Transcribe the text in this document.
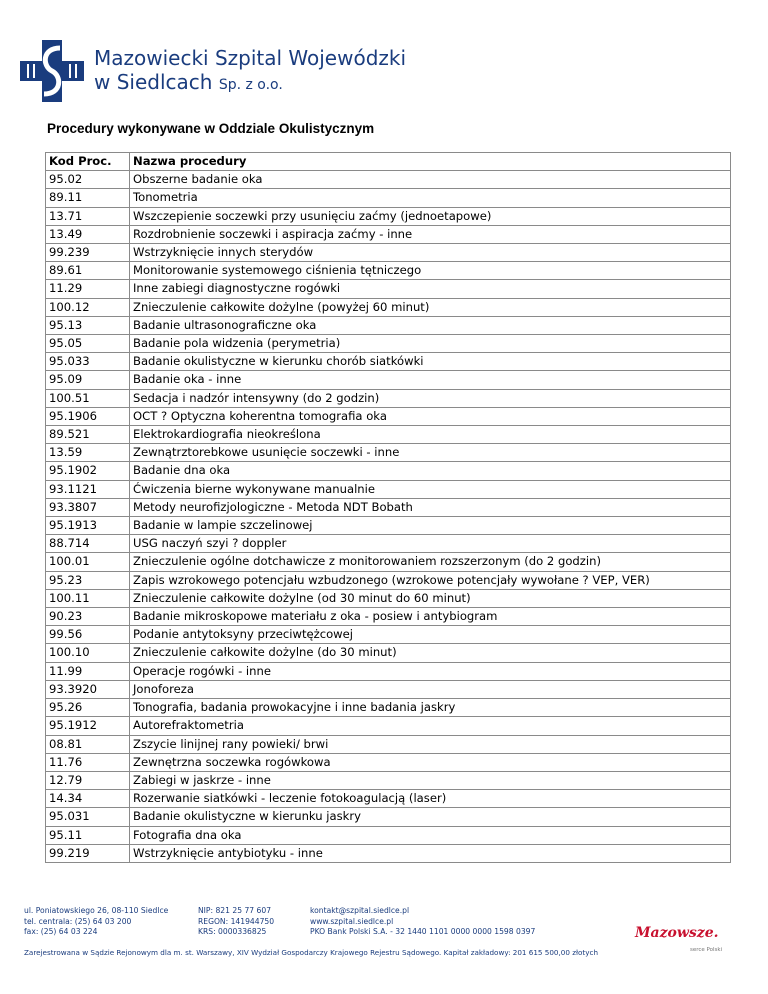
Mazowiecki Szpital Wojewódzki
w Siedlcach Sp. z o.o.
Procedury wykonywane w Oddziale Okulistycznym
Kod Proc.	Nazwa procedury
95.02	Obszerne badanie oka
89.11	Tonometria
13.71	Wszczepienie soczewki przy usunięciu zaćmy (jednoetapowe)
13.49	Rozdrobnienie soczewki i aspiracja zaćmy - inne
99.239	Wstrzyknięcie innych sterydów
89.61	Monitorowanie systemowego ciśnienia tętniczego
11.29	Inne zabiegi diagnostyczne rogówki
100.12	Znieczulenie całkowite dożylne (powyżej 60 minut)
95.13	Badanie ultrasonograficzne oka
95.05	Badanie pola widzenia (perymetria)
95.033	Badanie okulistyczne w kierunku chorób siatkówki
95.09	Badanie oka - inne
100.51	Sedacja i nadzór intensywny (do 2 godzin)
95.1906	OCT ? Optyczna koherentna tomografia oka
89.521	Elektrokardiografia nieokreślona
13.59	Zewnątrztorebkowe usunięcie soczewki - inne
95.1902	Badanie dna oka
93.1121	Ćwiczenia bierne wykonywane manualnie
93.3807	Metody neurofizjologiczne - Metoda NDT Bobath
95.1913	Badanie w lampie szczelinowej
88.714	USG naczyń szyi ? doppler
100.01	Znieczulenie ogólne dotchawicze z monitorowaniem rozszerzonym (do 2 godzin)
95.23	Zapis wzrokowego potencjału wzbudzonego (wzrokowe potencjały wywołane ? VEP, VER)
100.11	Znieczulenie całkowite dożylne (od 30 minut do 60 minut)
90.23	Badanie mikroskopowe materiału z oka - posiew i antybiogram
99.56	Podanie antytoksyny przeciwtężcowej
100.10	Znieczulenie całkowite dożylne (do 30 minut)
11.99	Operacje rogówki - inne
93.3920	Jonoforeza
95.26	Tonografia, badania prowokacyjne i inne badania jaskry
95.1912	Autorefraktometria
08.81	Zszycie linijnej rany powieki/ brwi
11.76	Zewnętrzna soczewka rogówkowa
12.79	Zabiegi w jaskrze - inne
14.34	Rozerwanie siatkówki - leczenie fotokoagulacją (laser)
95.031	Badanie okulistyczne w kierunku jaskry
95.11	Fotografia dna oka
99.219	Wstrzyknięcie antybiotyku - inne
ul. Poniatowskiego 26, 08-110 Siedlce
tel. centrala: (25) 64 03 200
fax: (25) 64 03 224
NIP: 821 25 77 607
REGON: 141944750
KRS: 0000336825
kontakt@szpital.siedlce.pl
www.szpital.siedlce.pl
PKO Bank Polski S.A. - 32 1440 1101 0000 0000 1598 0397
Zarejestrowana w Sądzie Rejonowym dla m. st. Warszawy, XIV Wydział Gospodarczy Krajowego Rejestru Sądowego. Kapitał zakładowy: 201 615 500,00 złotych
Mazowsze.
serce Polski
